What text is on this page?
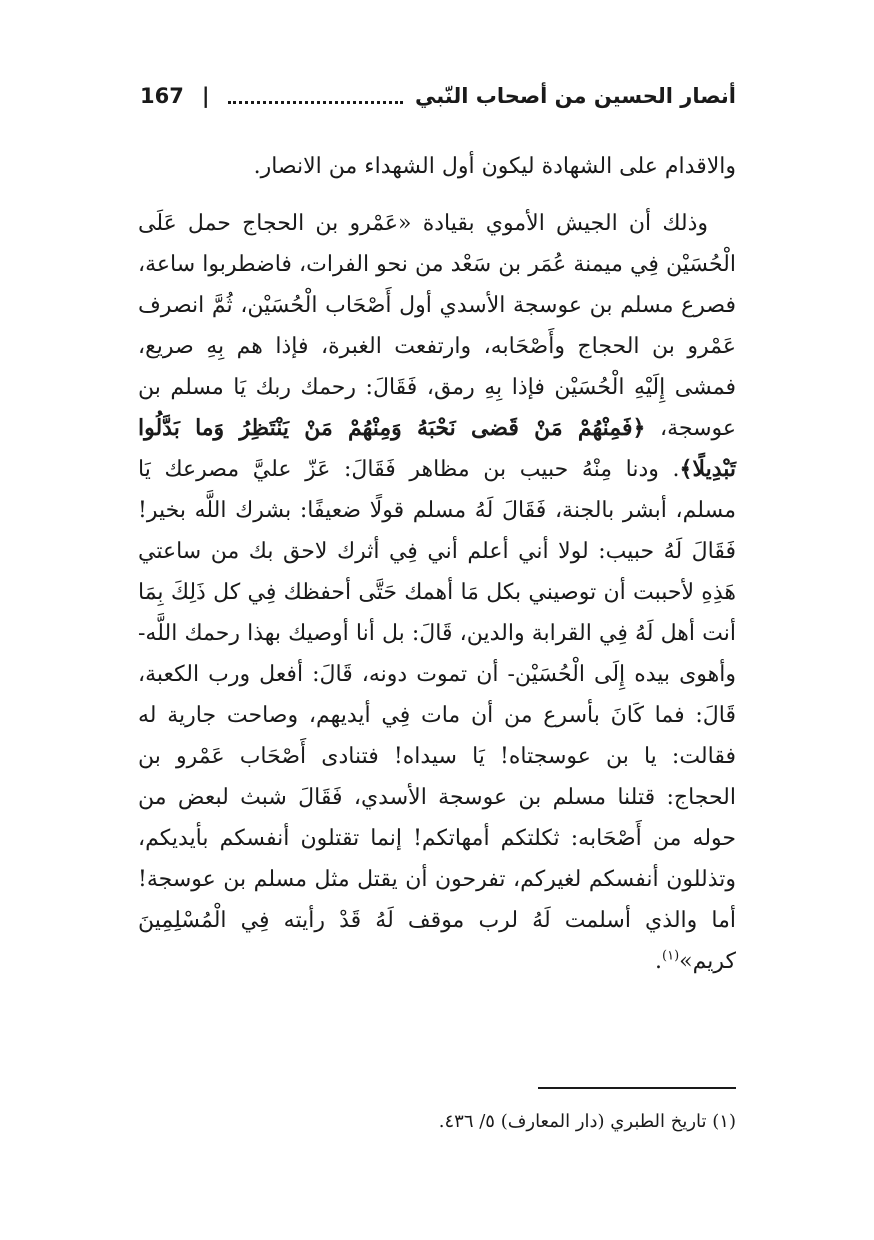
أنصار الحسين من أصحاب النّبي
|
167

والاقدام على الشهادة ليكون أول الشهداء من الانصار.

وذلك أن الجيش الأموي بقيادة «عَمْرو بن الحجاج حمل عَلَى الْحُسَيْن فِي ميمنة عُمَر بن سَعْد من نحو الفرات، فاضطربوا ساعة، فصرع مسلم بن عوسجة الأسدي أول أَصْحَاب الْحُسَيْن، ثُمَّ انصرف عَمْرو بن الحجاج وأَصْحَابه، وارتفعت الغبرة، فإذا هم بِهِ صريع، فمشى إِلَيْهِ الْحُسَيْن فإذا بِهِ رمق، فَقَالَ: رحمك ربك يَا مسلم بن عوسجة، ﴿فَمِنْهُمْ مَنْ قَضى نَحْبَهُ وَمِنْهُمْ مَنْ يَنْتَظِرُ وَما بَدَّلُوا تَبْدِيلًا﴾. ودنا مِنْهُ حبيب بن مظاهر فَقَالَ: عَزّ عليَّ مصرعك يَا مسلم، أبشر بالجنة، فَقَالَ لَهُ مسلم قولًا ضعيفًا: بشرك اللَّه بخير! فَقَالَ لَهُ حبيب: لولا أني أعلم أني فِي أثرك لاحق بك من ساعتي هَذِهِ لأحببت أن توصيني بكل مَا أهمك حَتَّى أحفظك فِي كل ذَلِكَ بِمَا أنت أهل لَهُ فِي القرابة والدين، قَالَ: بل أنا أوصيك بهذا رحمك اللَّه- وأهوى بيده إِلَى الْحُسَيْن- أن تموت دونه، قَالَ: أفعل ورب الكعبة، قَالَ: فما كَانَ بأسرع من أن مات فِي أيديهم، وصاحت جارية له فقالت: يا بن عوسجتاه! يَا سيداه! فتنادى أَصْحَاب عَمْرو بن الحجاج: قتلنا مسلم بن عوسجة الأسدي، فَقَالَ شبث لبعض من حوله من أَصْحَابه: ثكلتكم أمهاتكم! إنما تقتلون أنفسكم بأيديكم، وتذللون أنفسكم لغيركم، تفرحون أن يقتل مثل مسلم بن عوسجة! أما والذي أسلمت لَهُ لرب موقف لَهُ قَدْ رأيته فِي الْمُسْلِمِينَ كريم»$^{(١)}$.

(١) تاريخ الطبري (دار المعارف) ٥/ ٤٣٦.
